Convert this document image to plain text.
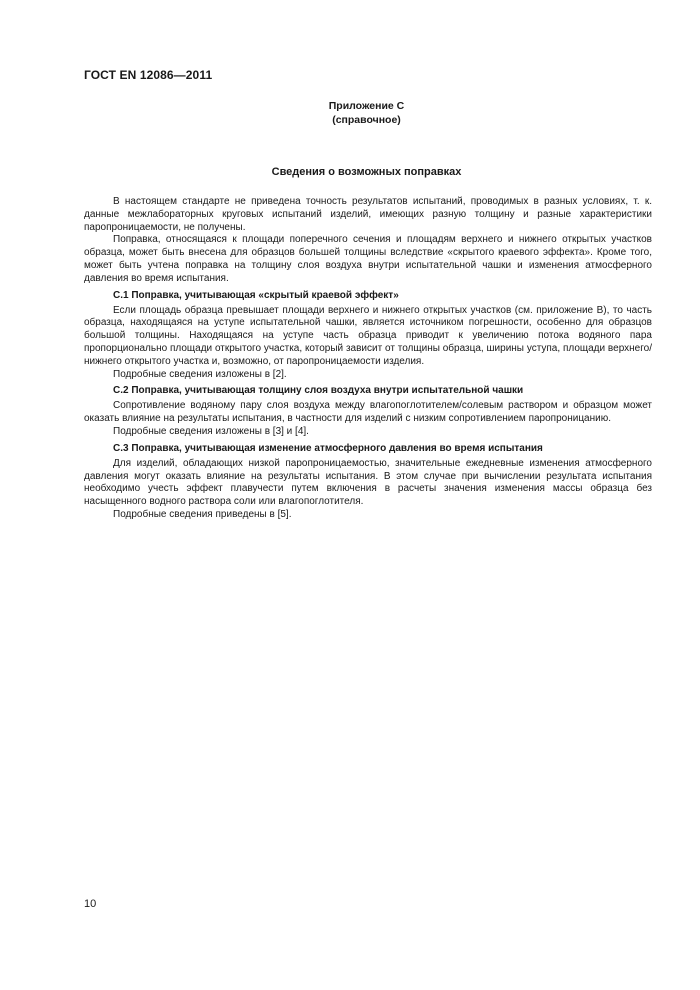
ГОСТ EN 12086—2011
Приложение С
(справочное)
Сведения о возможных поправках

В настоящем стандарте не приведена точность результатов испытаний, проводимых в разных условиях, т. к. данные межлабораторных круговых испытаний изделий, имеющих разную толщину и разные характеристики паропроницаемости, не получены.

Поправка, относящаяся к площади поперечного сечения и площадям верхнего и нижнего открытых участков образца, может быть внесена для образцов большей толщины вследствие «скрытого краевого эффекта». Кроме того, может быть учтена поправка на толщину слоя воздуха внутри испытательной чашки и изменения атмосферного давления во время испытания.

С.1 Поправка, учитывающая «скрытый краевой эффект»

Если площадь образца превышает площади верхнего и нижнего открытых участков (см. приложение В), то часть образца, находящаяся на уступе испытательной чашки, является источником погрешности, особенно для образцов большой толщины. Находящаяся на уступе часть образца приводит к увеличению потока водяного пара пропорционально площади открытого участка, который зависит от толщины образца, ширины уступа, площади верхнего/нижнего открытого участка и, возможно, от паропроницаемости изделия.

Подробные сведения изложены в [2].

С.2 Поправка, учитывающая толщину слоя воздуха внутри испытательной чашки

Сопротивление водяному пару слоя воздуха между влагопоглотителем/солевым раствором и образцом может оказать влияние на результаты испытания, в частности для изделий с низким сопротивлением паропроницанию.

Подробные сведения изложены в [3] и [4].

С.3 Поправка, учитывающая изменение атмосферного давления во время испытания

Для изделий, обладающих низкой паропроницаемостью, значительные ежедневные изменения атмосферного давления могут оказать влияние на результаты испытания. В этом случае при вычислении результата испытания необходимо учесть эффект плавучести путем включения в расчеты значения изменения массы образца без насыщенного водного раствора соли или влагопоглотителя.

Подробные сведения приведены в [5].

10
